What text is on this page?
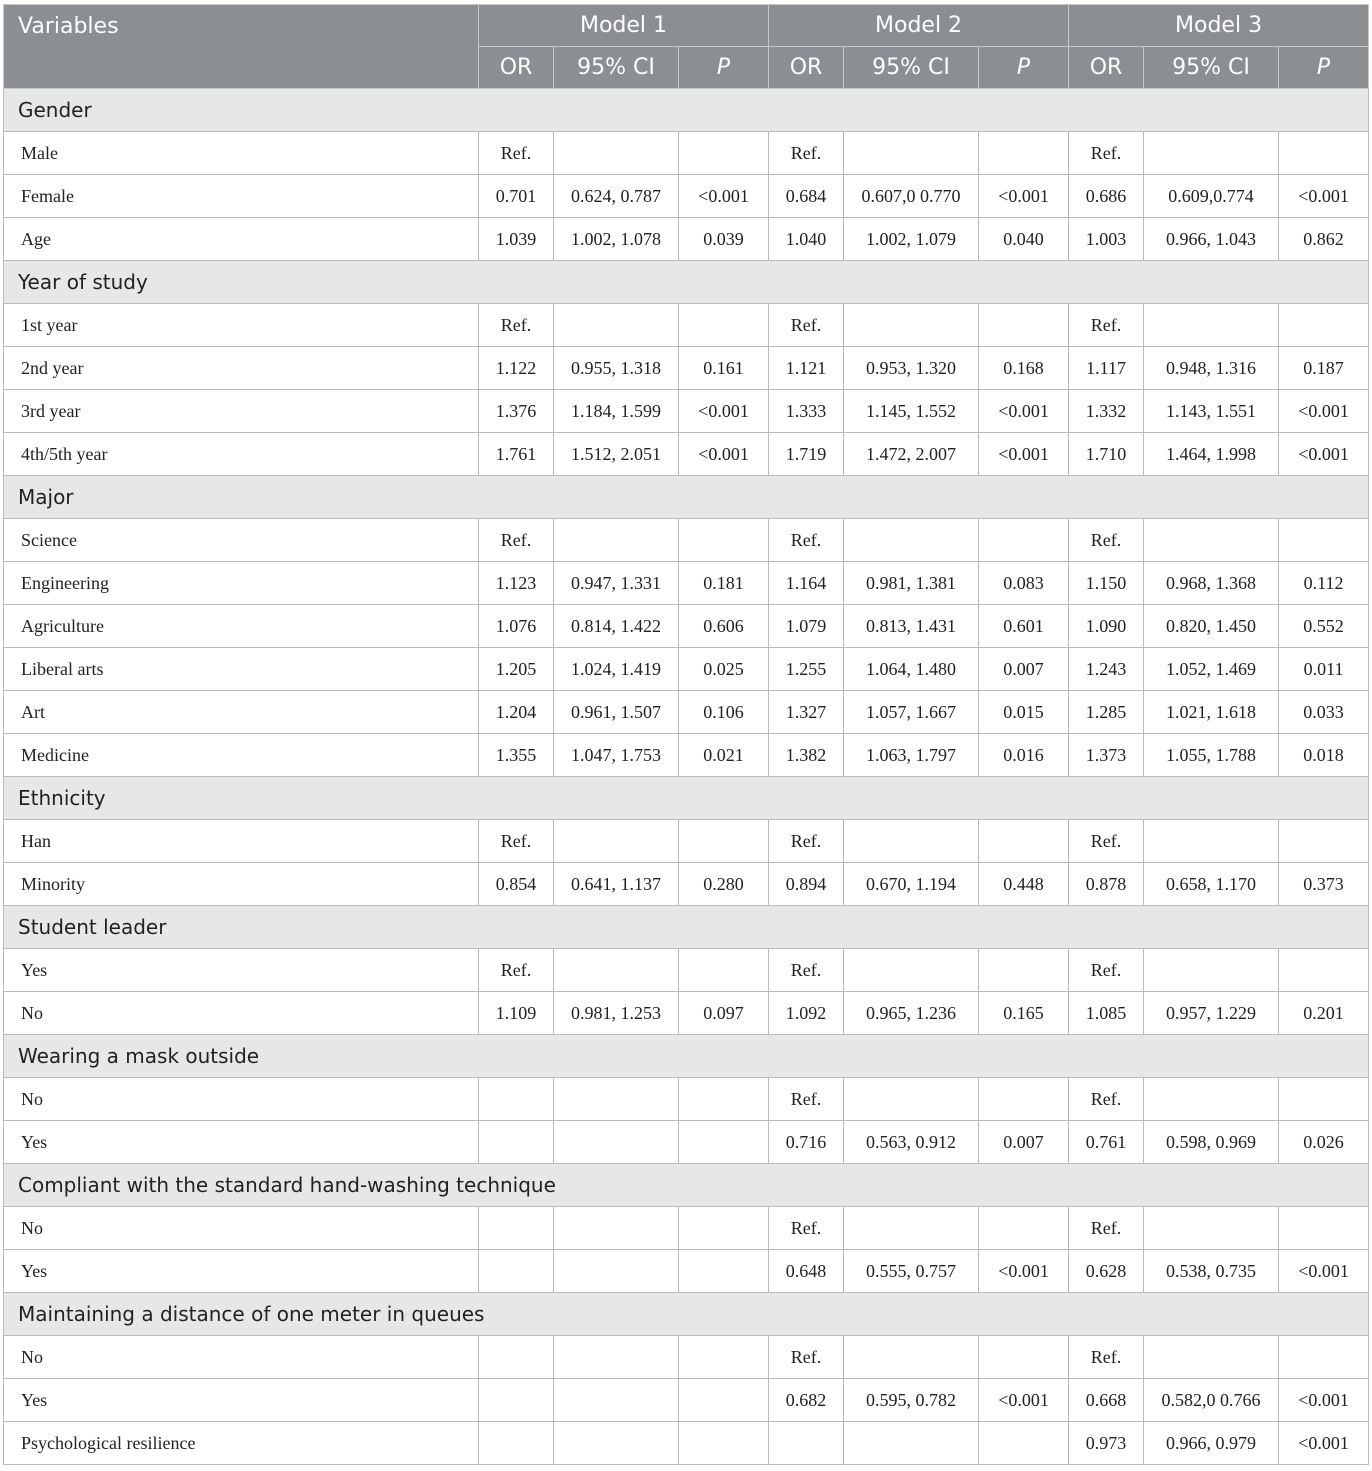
Variables	Model 1			Model 2			Model 3		
	OR	95% CI	P	OR	95% CI	P	OR	95% CI	P
Gender									
Male	Ref.			Ref.			Ref.		
Female	0.701	0.624, 0.787	<0.001	0.684	0.607,0 0.770	<0.001	0.686	0.609,0.774	<0.001
Age	1.039	1.002, 1.078	0.039	1.040	1.002, 1.079	0.040	1.003	0.966, 1.043	0.862
Year of study									
1st year	Ref.			Ref.			Ref.		
2nd year	1.122	0.955, 1.318	0.161	1.121	0.953, 1.320	0.168	1.117	0.948, 1.316	0.187
3rd year	1.376	1.184, 1.599	<0.001	1.333	1.145, 1.552	<0.001	1.332	1.143, 1.551	<0.001
4th/5th year	1.761	1.512, 2.051	<0.001	1.719	1.472, 2.007	<0.001	1.710	1.464, 1.998	<0.001
Major									
Science	Ref.			Ref.			Ref.		
Engineering	1.123	0.947, 1.331	0.181	1.164	0.981, 1.381	0.083	1.150	0.968, 1.368	0.112
Agriculture	1.076	0.814, 1.422	0.606	1.079	0.813, 1.431	0.601	1.090	0.820, 1.450	0.552
Liberal arts	1.205	1.024, 1.419	0.025	1.255	1.064, 1.480	0.007	1.243	1.052, 1.469	0.011
Art	1.204	0.961, 1.507	0.106	1.327	1.057, 1.667	0.015	1.285	1.021, 1.618	0.033
Medicine	1.355	1.047, 1.753	0.021	1.382	1.063, 1.797	0.016	1.373	1.055, 1.788	0.018
Ethnicity									
Han	Ref.			Ref.			Ref.		
Minority	0.854	0.641, 1.137	0.280	0.894	0.670, 1.194	0.448	0.878	0.658, 1.170	0.373
Student leader									
Yes	Ref.			Ref.			Ref.		
No	1.109	0.981, 1.253	0.097	1.092	0.965, 1.236	0.165	1.085	0.957, 1.229	0.201
Wearing a mask outside									
No				Ref.			Ref.		
Yes				0.716	0.563, 0.912	0.007	0.761	0.598, 0.969	0.026
Compliant with the standard hand-washing technique									
No				Ref.			Ref.		
Yes				0.648	0.555, 0.757	<0.001	0.628	0.538, 0.735	<0.001
Maintaining a distance of one meter in queues									
No				Ref.			Ref.		
Yes				0.682	0.595, 0.782	<0.001	0.668	0.582,0 0.766	<0.001
Psychological resilience							0.973	0.966, 0.979	<0.001
